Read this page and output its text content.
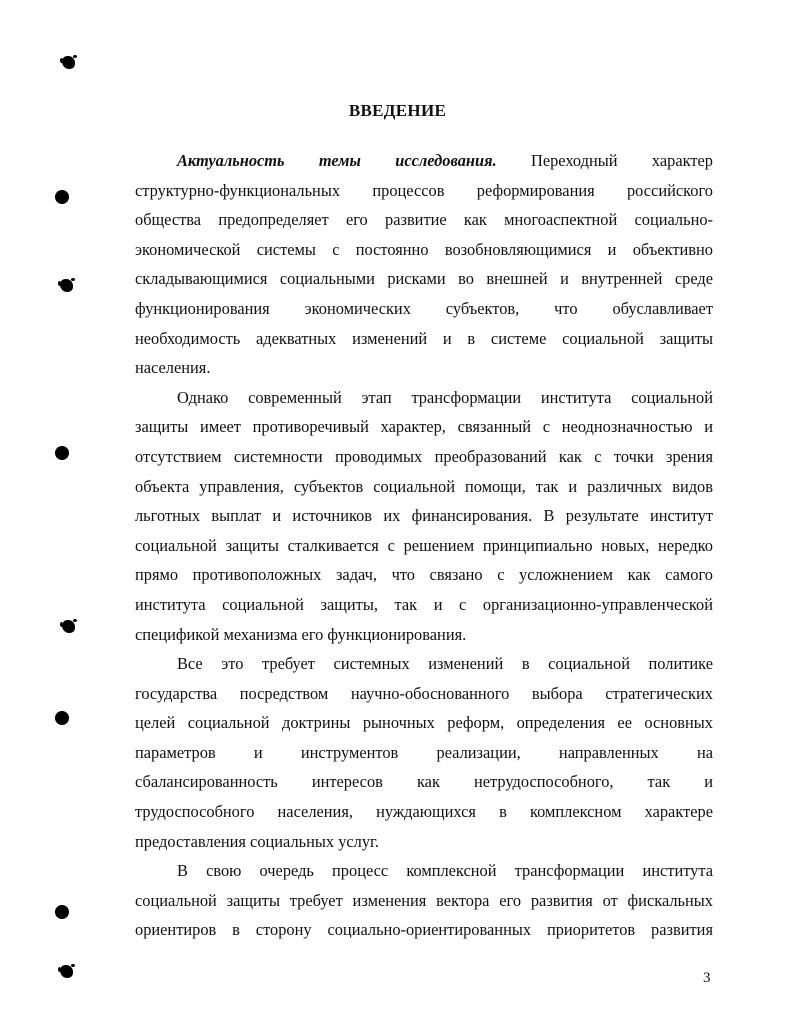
ВВЕДЕНИЕ
Актуальность темы исследования. Переходный характер
структурно-функциональных процессов реформирования российского
общества предопределяет его развитие как многоаспектной социально-
экономической системы с постоянно возобновляющимися и объективно
складывающимися социальными рисками во внешней и внутренней среде
функционирования экономических субъектов, что обуславливает
необходимость адекватных изменений и в системе социальной защиты
населения.
Однако современный этап трансформации института социальной
защиты имеет противоречивый характер, связанный с неоднозначностью и
отсутствием системности проводимых преобразований как с точки зрения
объекта управления, субъектов социальной помощи, так и различных видов
льготных выплат и источников их финансирования. В результате институт
социальной защиты сталкивается с решением принципиально новых, нередко
прямо противоположных задач, что связано с усложнением как самого
института социальной защиты, так и с организационно-управленческой
спецификой механизма его функционирования.
Все это требует системных изменений в социальной политике
государства посредством научно-обоснованного выбора стратегических
целей социальной доктрины рыночных реформ, определения ее основных
параметров и инструментов реализации, направленных на
сбалансированность интересов как нетрудоспособного, так и
трудоспособного населения, нуждающихся в комплексном характере
предоставления социальных услуг.
В свою очередь процесс комплексной трансформации института
социальной защиты требует изменения вектора его развития от фискальных
ориентиров в сторону социально-ориентированных приоритетов развития
3
